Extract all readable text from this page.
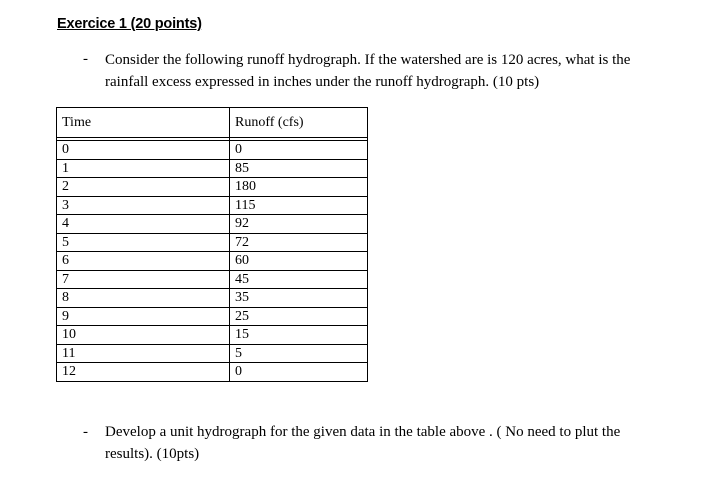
Exercice 1 (20 points)
- Consider the following runoff hydrograph. If the watershed are is 120 acres, what is the
rainfall excess expressed in inches under the runoff hydrograph. (10 pts)
Time	Runoff (cfs)

0	0
1	85
2	180
3	115
4	92
5	72
6	60
7	45
8	35
9	25
10	15
11	5
12	0
- Develop a unit hydrograph for the given data in the table above . ( No need to plut the
results). (10pts)
